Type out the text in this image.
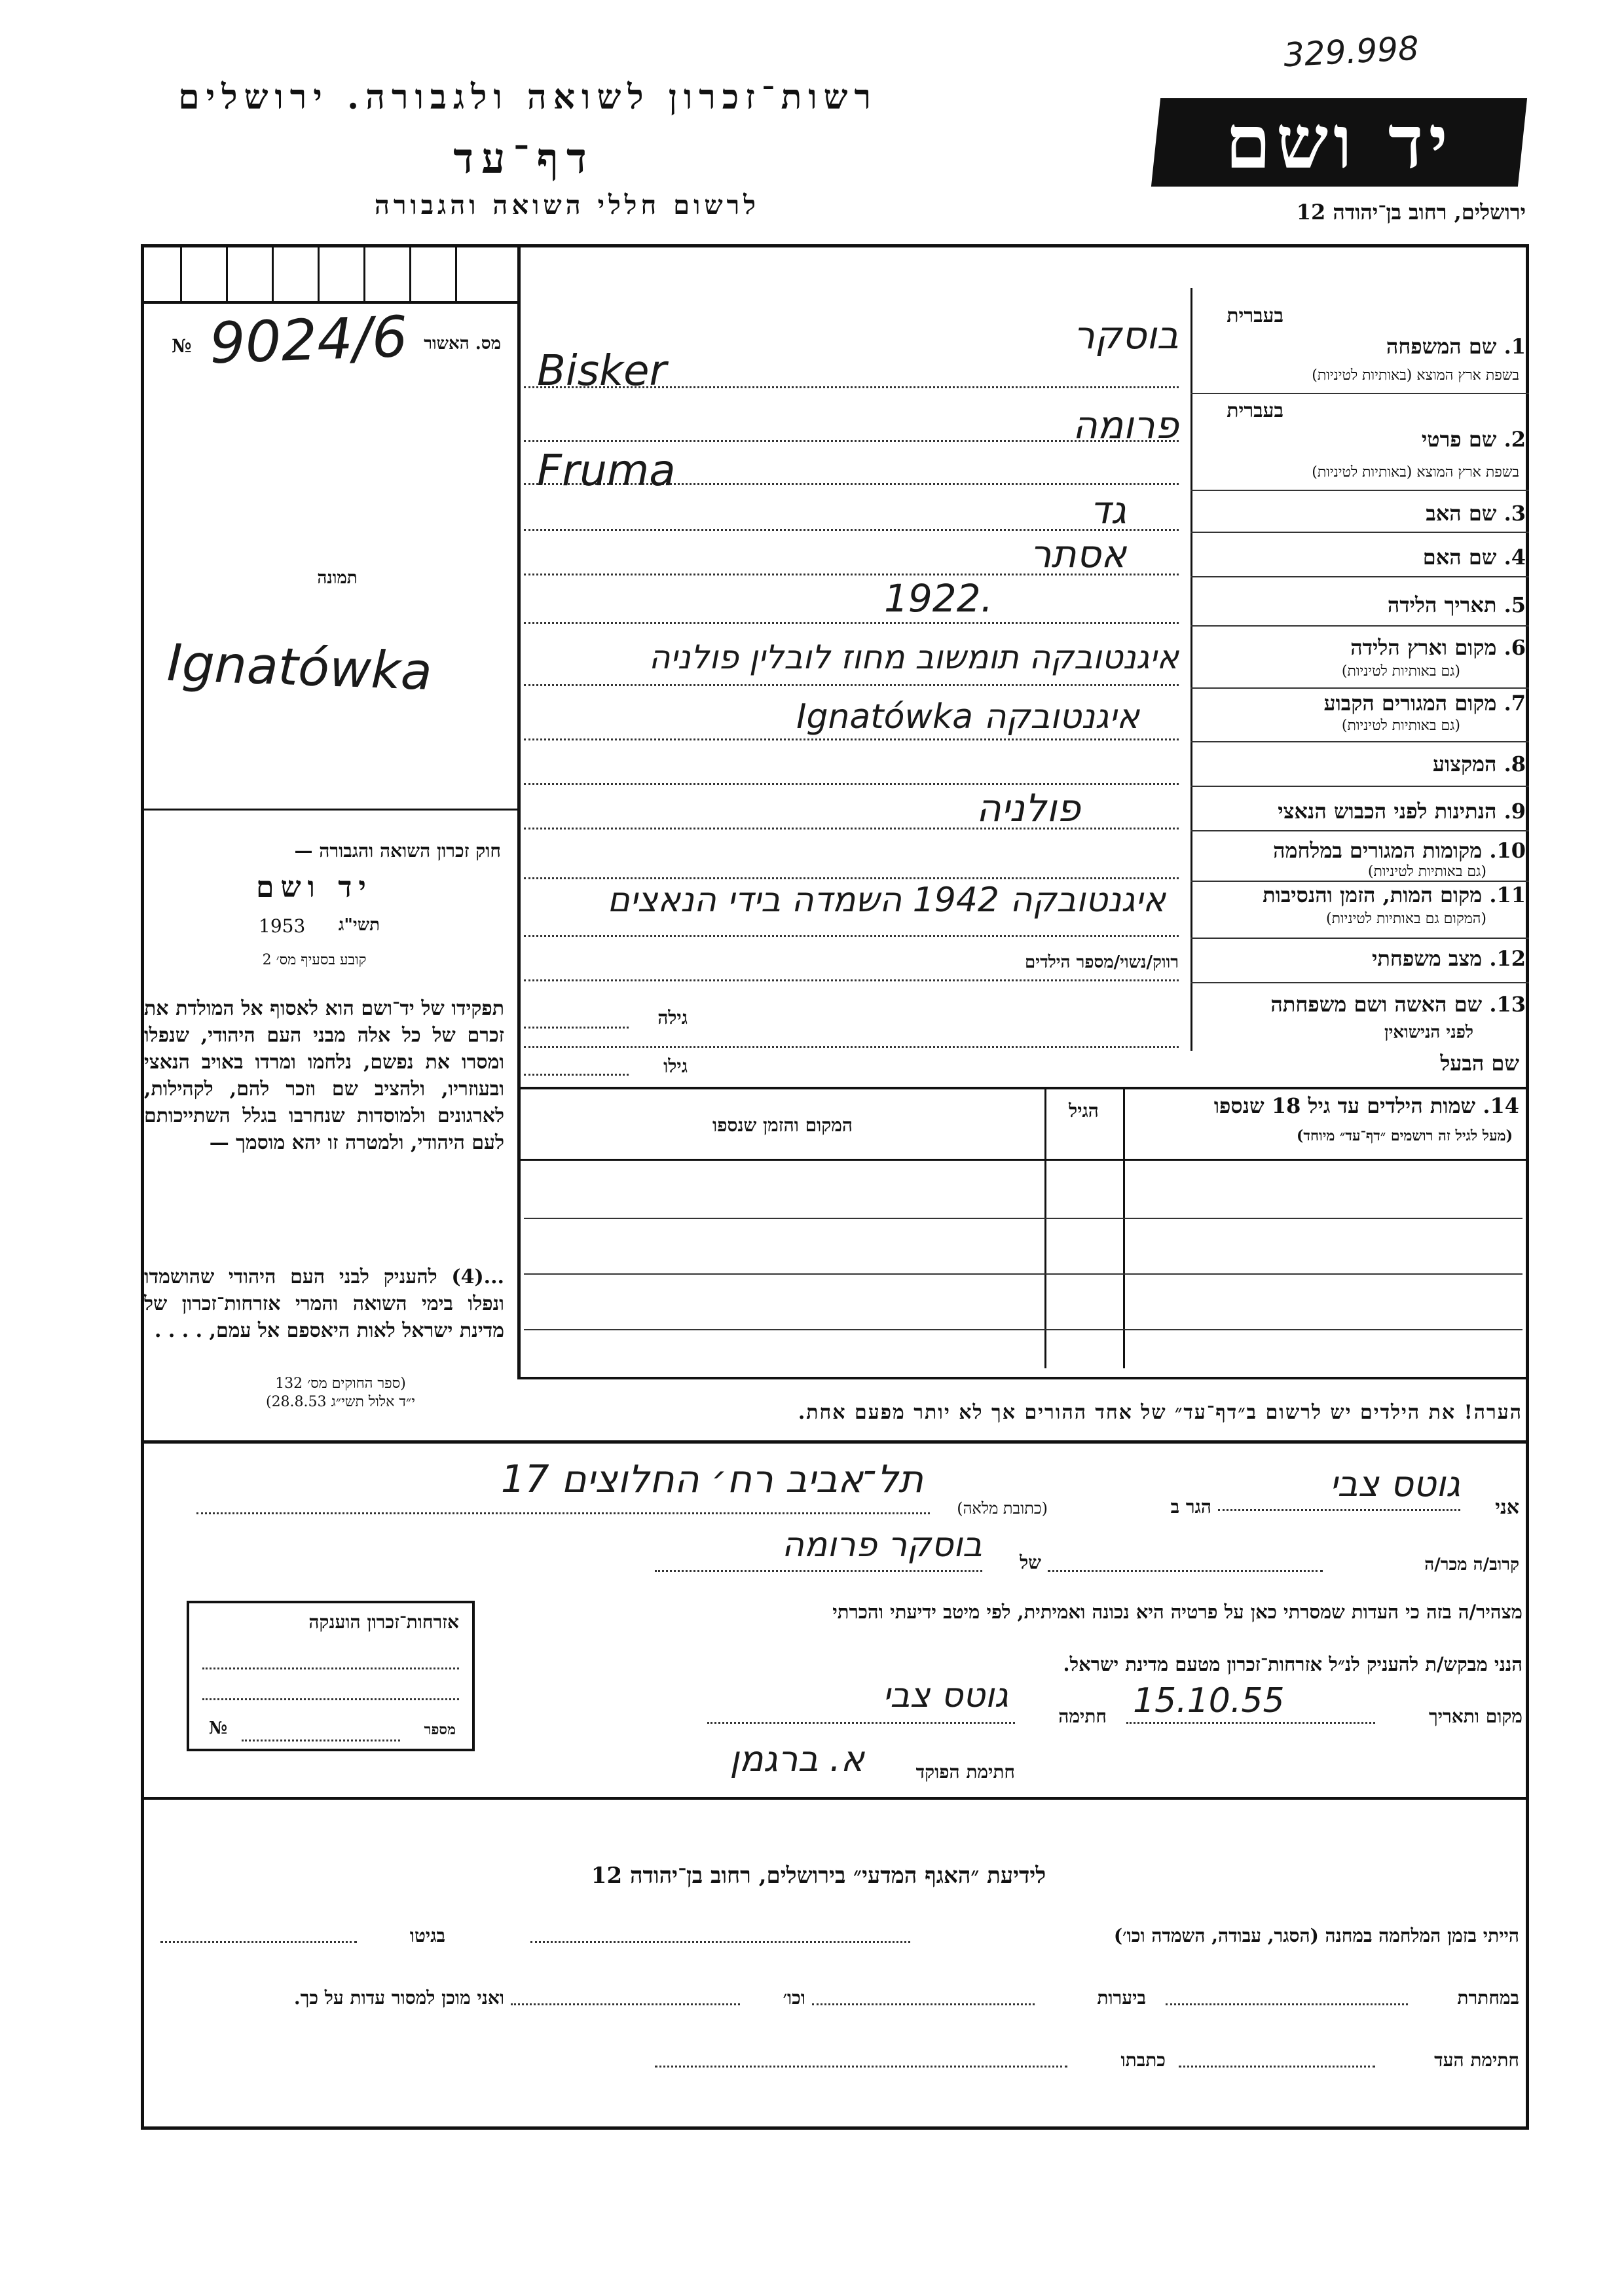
329.998
רשות־זכרון לשואה ולגבורה. ירושלים
דף־עד
לרשום חללי השואה והגבורה
יד ושם
ירושלים, רחוב בן־יהודה 12
מס. האשור
№ 9024/6
תמונה
Ignatówka
חוק זכרון השואה והגבורה —
יד ושם
1953	תשי"ג
קובע בסעיף מס׳ 2
תפקידו של יד־ושם הוא לאסוף אל המולדת את זכרם של כל אלה מבני העם היהודי, שנפלו ומסרו את נפשם, נלחמו ומרדו באויב הנאצי ובעוזריו, ולהציב שם וזכר להם, לקהילות, לארגונים ולמוסדות שנחרבו בגלל השתייכותם לעם היהודי, ולמטרה זו יהא מוסמך —
...(4) להעניק לבני העם היהודי שהושמדו ונפלו בימי השואה והמרי אזרחות־זכרון של מדינת ישראל לאות היאספם אל עמם, . . . .
(ספר החוקים מס׳ 132
י״ד אלול תשי״ג 28.8.53)
אזרחות־זכרון הוענקה
מספר
№
בעברית
1. שם המשפחה
בשפת ארץ המוצא (באותיות לטיניות)
בעברית
2. שם פרטי
בשפת ארץ המוצא (באותיות לטיניות)
3. שם האב
4. שם האם
5. תאריך הלידה
6. מקום וארץ הלידה
(גם באותיות לטיניות)
7. מקום המגורים הקבוע
(גם באותיות לטיניות)
8. המקצוע
9. הנתינות לפני הכבוש הנאצי
10. מקומות המגורים במלחמה
(גם באותיות לטיניות)
11. מקום המות, הזמן והנסיבות
(המקום גם באותיות לטיניות)
12. מצב משפחתי
13. שם האשה ושם משפחתה
לפני הנישואין
שם הבעל
בוסקר
Bisker
פרומה
Fruma
גד
אסתר
1922.
איגנטובקה תומשוב מחוז לובלין פולניה
איגנטובקה Ignatówka
פולניה
איגנטובקה 1942 השמדה בידי הנאצים
רווק/נשוי/מספר הילדים
גילה
גילו
14. שמות הילדים עד גיל 18 שנספו
(מעל לגיל זה רושמים ״דף־עד״ מיוחד)
הגיל
המקום והזמן שנספו
הערה! את הילדים יש לרשום ב״דף־עד״ של אחד ההורים אך לא יותר מפעם אחת.
אני
גוטס צבי
הגר ב
(כתובת מלאה)
תל־אביב רח׳ החלוצים 17
קרוב/ה מכר/ה
של
בוסקר פרומה
מצהיר/ה בזה כי העדות שמסרתי כאן על פרטיה היא נכונה ואמיתית, לפי מיטב ידיעתי והכרתי
הנני מבקש/ת להעניק לנ״ל אזרחות־זכרון מטעם מדינת ישראל.
מקום ותאריך
15.10.55
חתימה
גוטס צבי
חתימת הפוקד
א. ברגמן
לידיעת ״האגף המדעי״ בירושלים, רחוב בן־יהודה 12
הייתי בזמן המלחמה במחנה (הסגר, עבודה, השמדה וכו׳)
בגיטו
במחתרת
ביערות
וכו׳
ואני מוכן למסור עדות על כך.
חתימת העד
כתבתו
